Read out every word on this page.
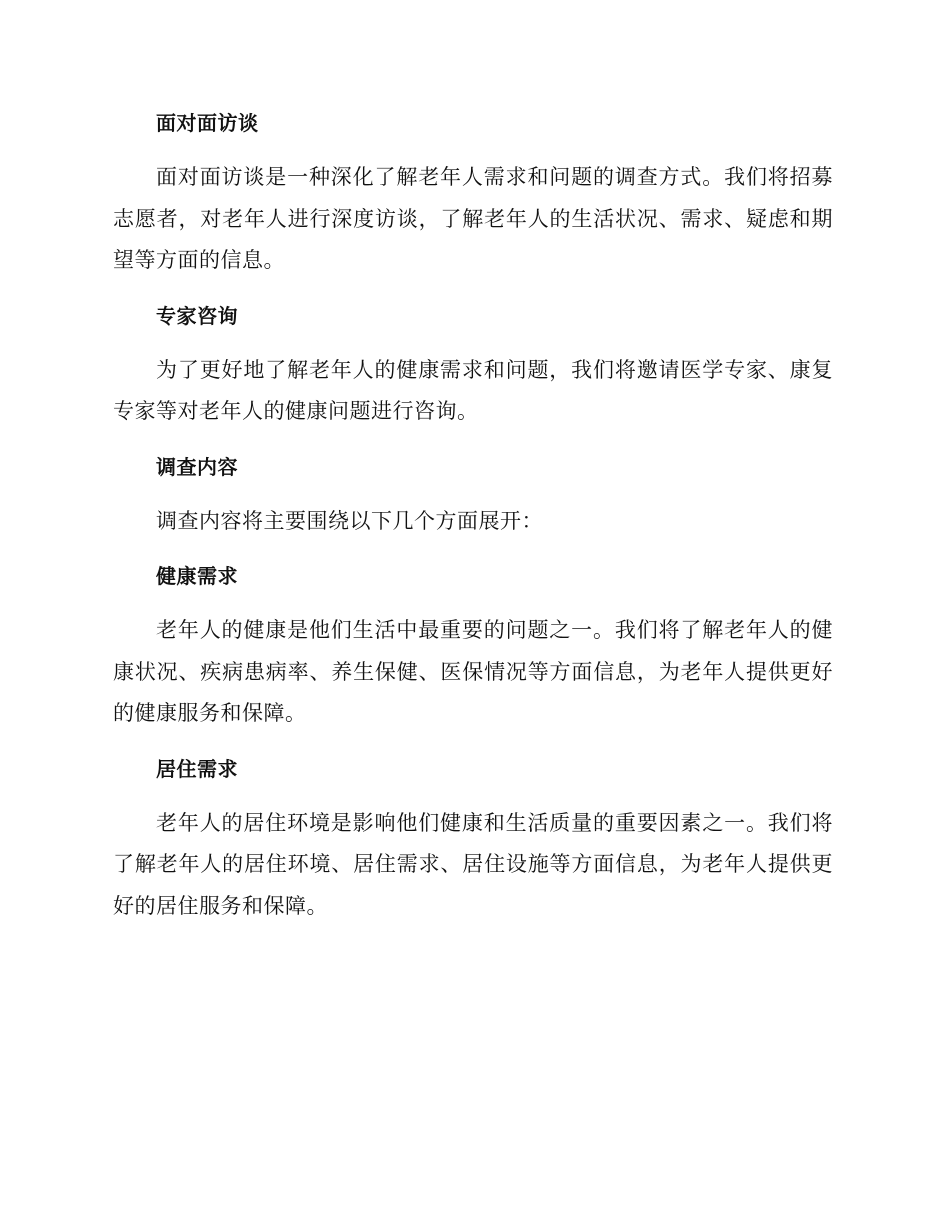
面对面访谈

面对面访谈是一种深化了解老年人需求和问题的调查方式。我们将招募志愿者，对老年人进行深度访谈，了解老年人的生活状况、需求、疑虑和期望等方面的信息。

专家咨询

为了更好地了解老年人的健康需求和问题，我们将邀请医学专家、康复专家等对老年人的健康问题进行咨询。

调查内容

调查内容将主要围绕以下几个方面展开：

健康需求

老年人的健康是他们生活中最重要的问题之一。我们将了解老年人的健康状况、疾病患病率、养生保健、医保情况等方面信息，为老年人提供更好的健康服务和保障。

居住需求

老年人的居住环境是影响他们健康和生活质量的重要因素之一。我们将了解老年人的居住环境、居住需求、居住设施等方面信息，为老年人提供更好的居住服务和保障。
